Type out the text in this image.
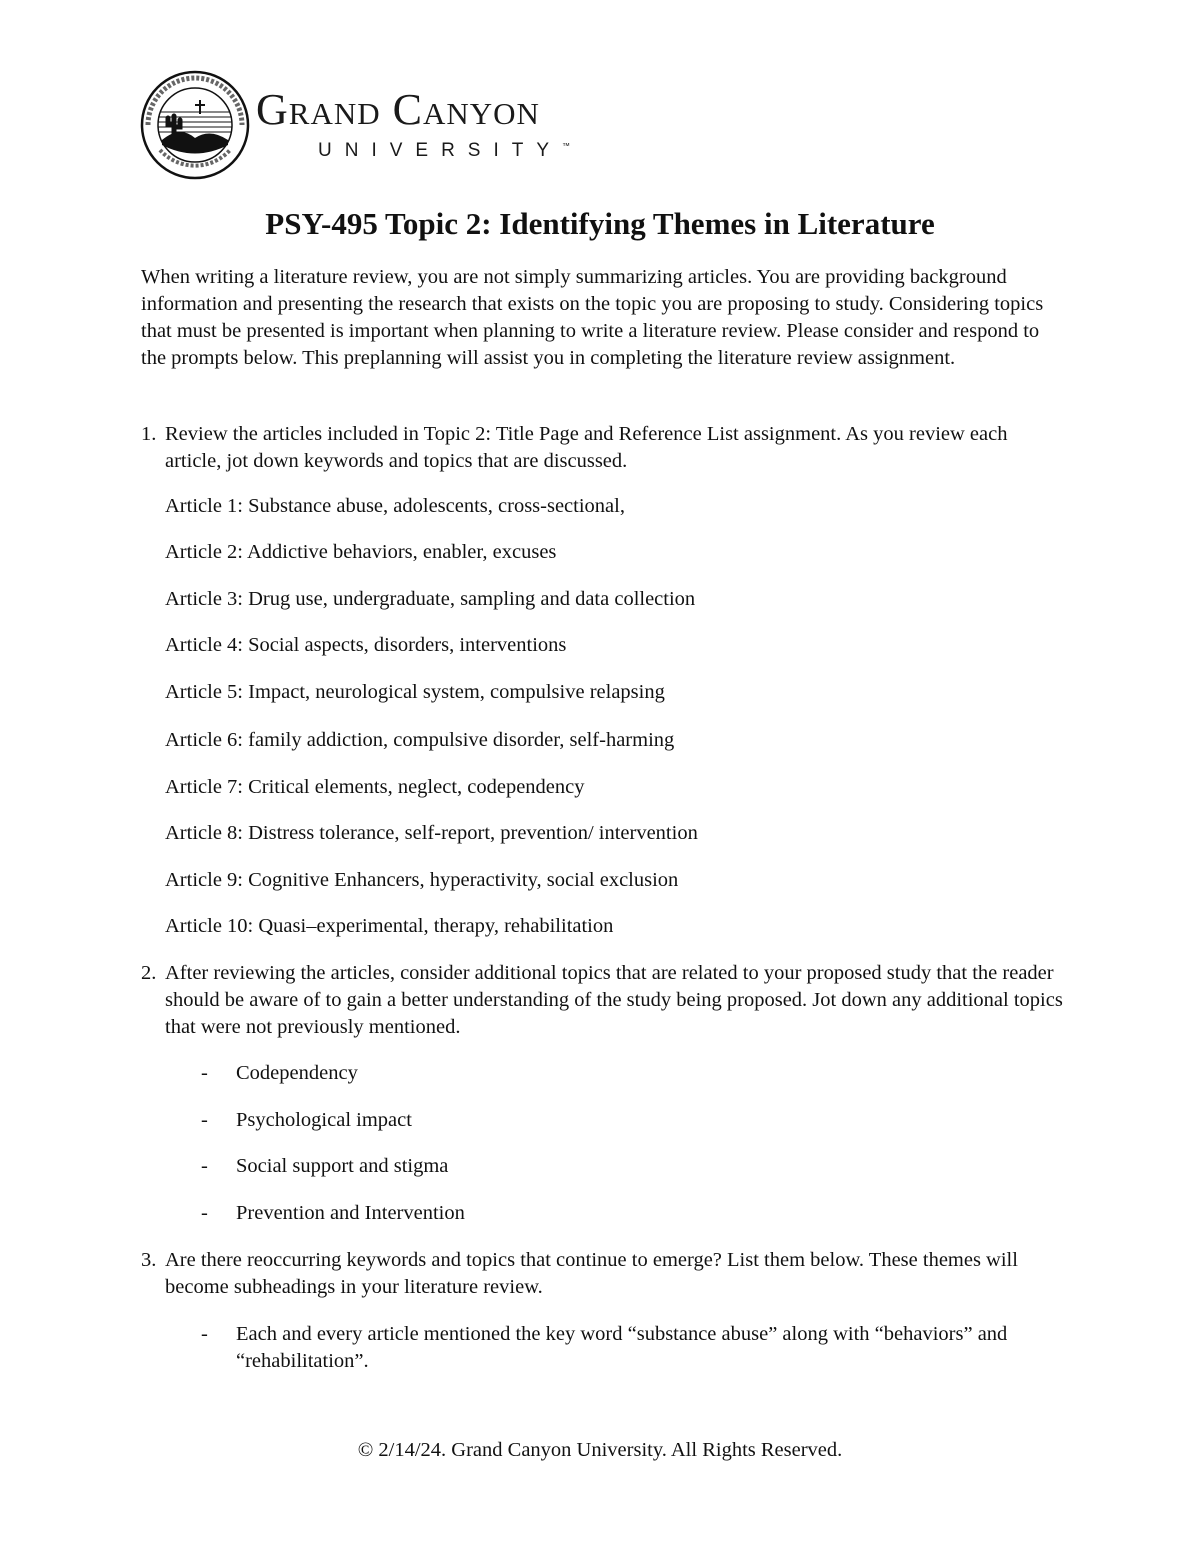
Grand Canyon
UNIVERSITY™
PSY-495 Topic 2: Identifying Themes in Literature

When writing a literature review, you are not simply summarizing articles. You are providing background information and presenting the research that exists on the topic you are proposing to study. Considering topics that must be presented is important when planning to write a literature review. Please consider and respond to the prompts below. This preplanning will assist you in completing the literature review assignment.

1. Review the articles included in Topic 2: Title Page and Reference List assignment. As you review each article, jot down keywords and topics that are discussed.

Article 1: Substance abuse, adolescents, cross-sectional,

Article 2: Addictive behaviors, enabler, excuses

Article 3: Drug use, undergraduate, sampling and data collection

Article 4: Social aspects, disorders, interventions

Article 5: Impact, neurological system, compulsive relapsing

Article 6: family addiction, compulsive disorder, self-harming

Article 7: Critical elements, neglect, codependency

Article 8: Distress tolerance, self-report, prevention/ intervention

Article 9: Cognitive Enhancers, hyperactivity, social exclusion

Article 10: Quasi–experimental, therapy, rehabilitation

2. After reviewing the articles, consider additional topics that are related to your proposed study that the reader should be aware of to gain a better understanding of the study being proposed. Jot down any additional topics that were not previously mentioned.

- Codependency

- Psychological impact

- Social support and stigma

- Prevention and Intervention

3. Are there reoccurring keywords and topics that continue to emerge? List them below. These themes will become subheadings in your literature review.

- Each and every article mentioned the key word “substance abuse” along with “behaviors” and “rehabilitation”.

© 2/14/24. Grand Canyon University. All Rights Reserved.
